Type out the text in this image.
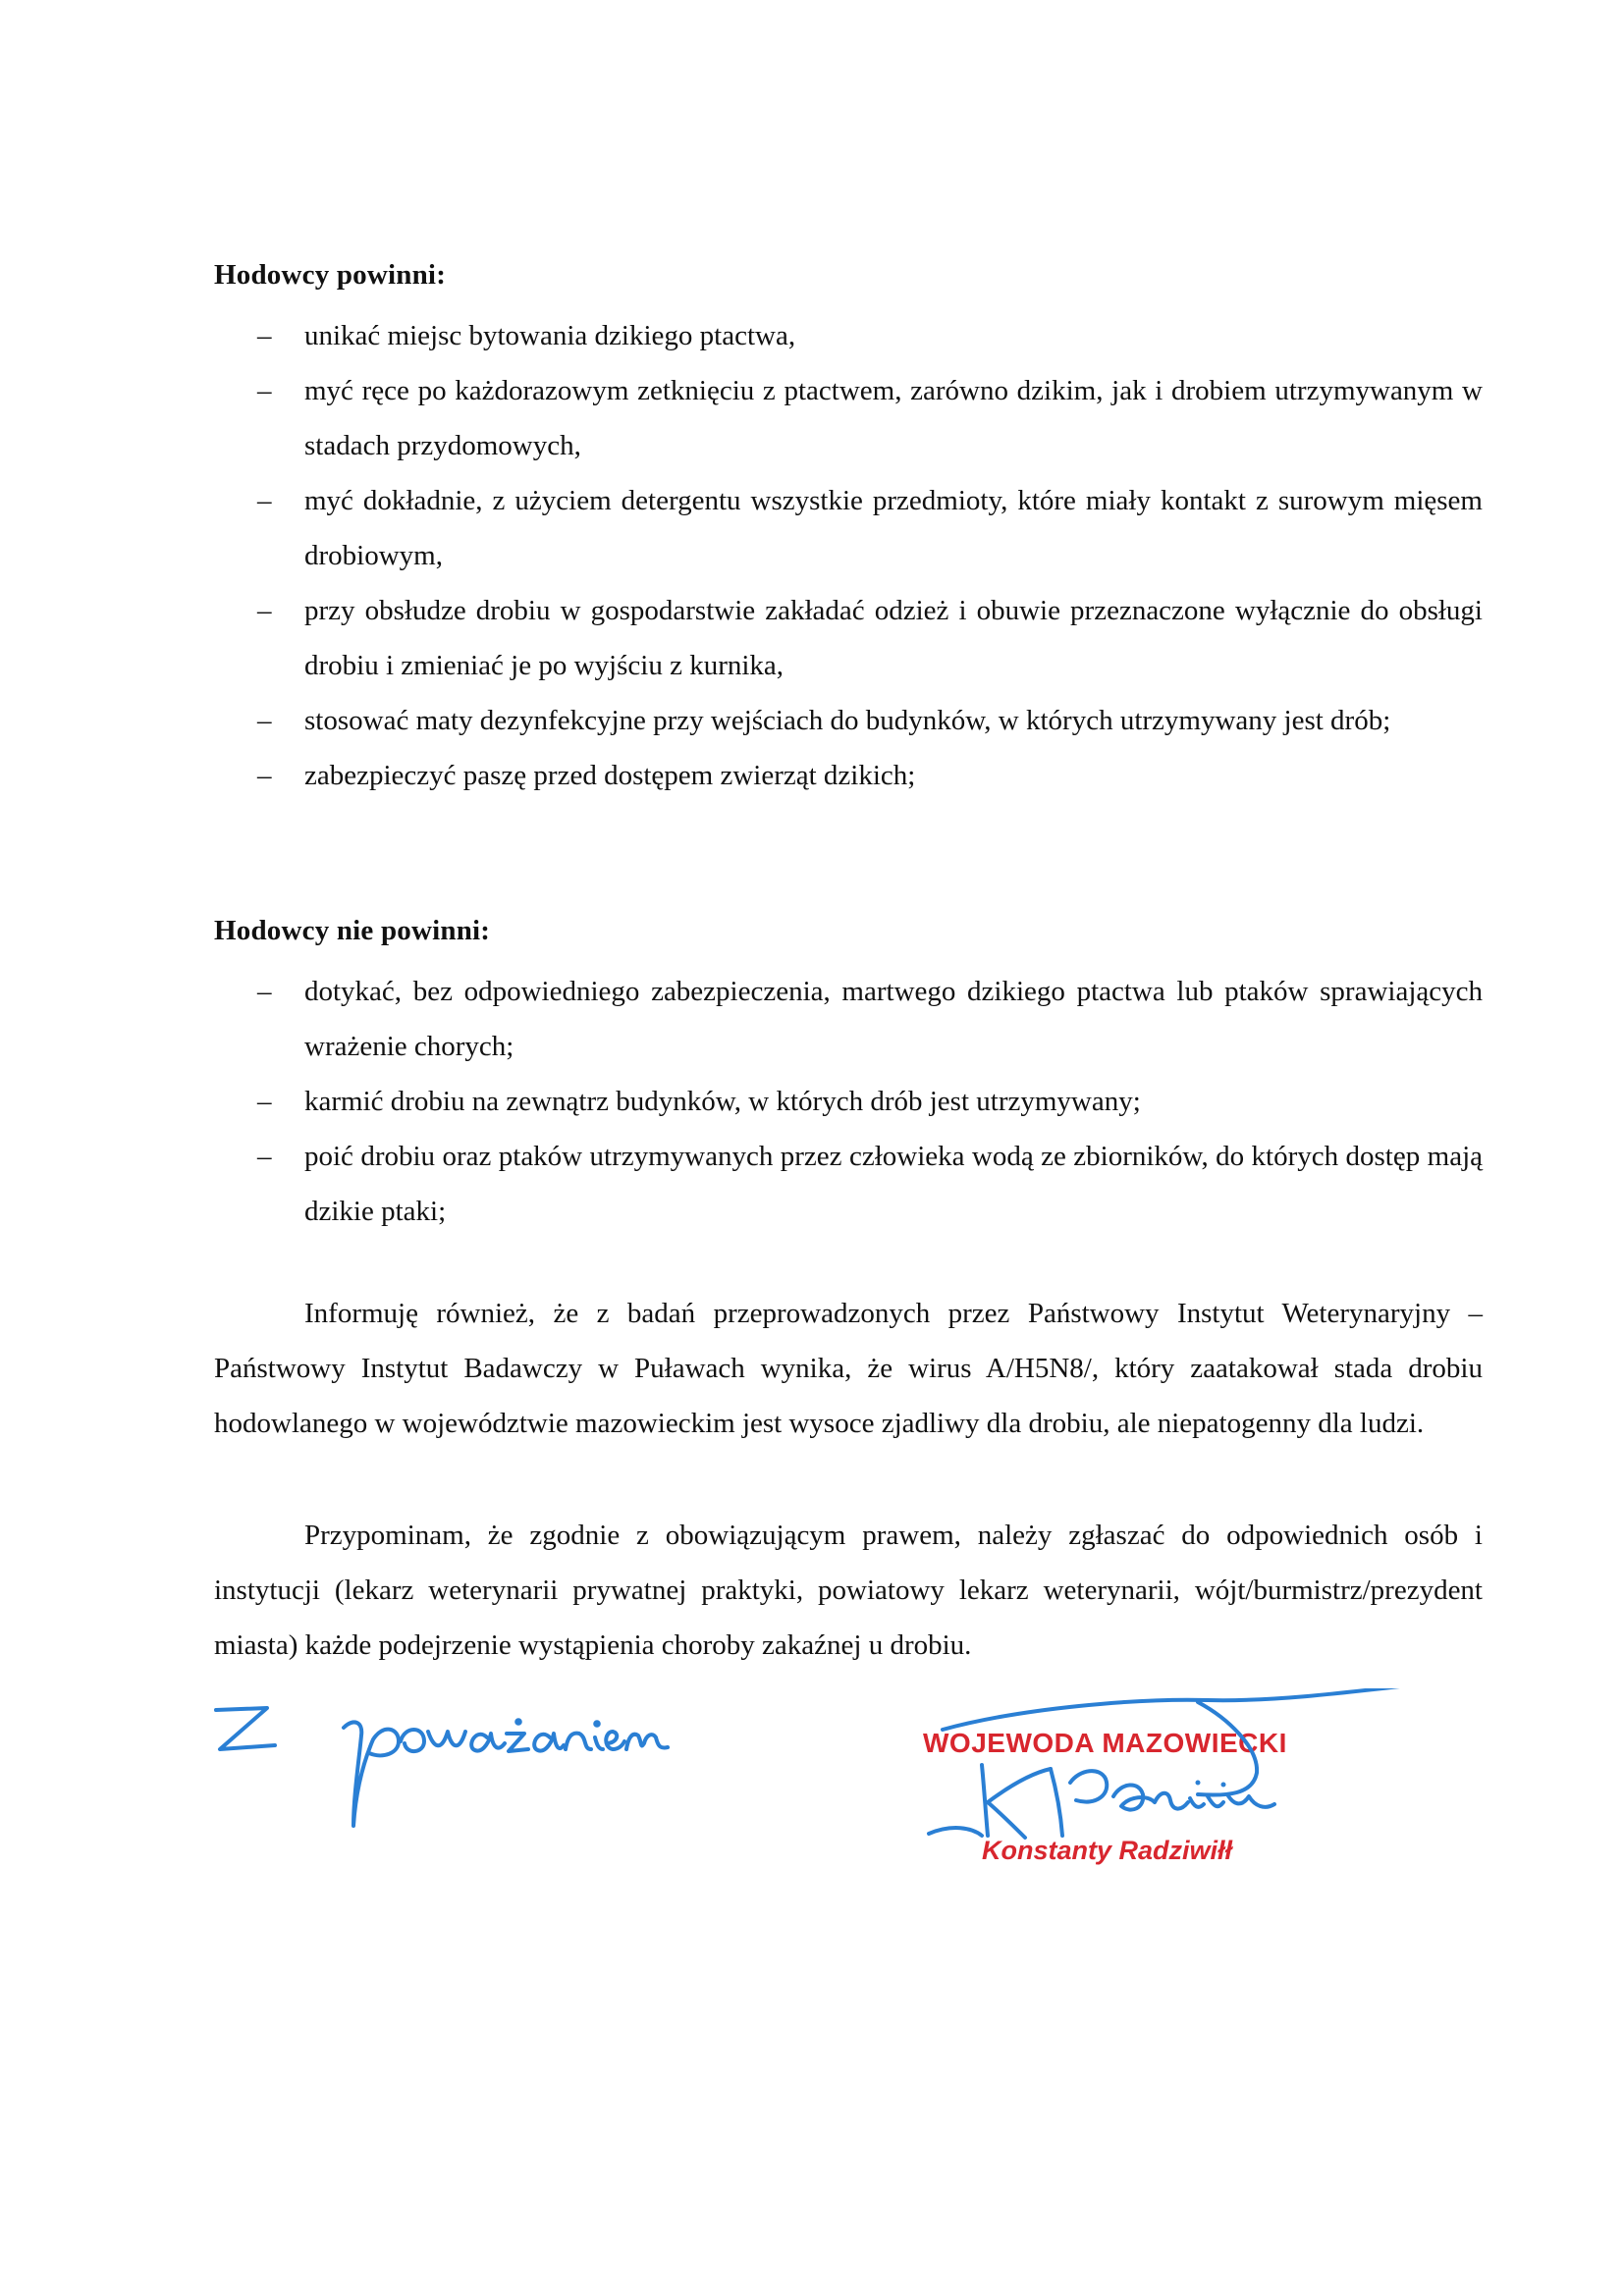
Hodowcy powinni:
– unikać miejsc bytowania dzikiego ptactwa,
– myć ręce po każdorazowym zetknięciu z ptactwem, zarówno dzikim, jak i drobiem utrzymywanym w stadach przydomowych,
– myć dokładnie, z użyciem detergentu wszystkie przedmioty, które miały kontakt z surowym mięsem drobiowym,
– przy obsłudze drobiu w gospodarstwie zakładać odzież i obuwie przeznaczone wyłącznie do obsługi drobiu i zmieniać je po wyjściu z kurnika,
– stosować maty dezynfekcyjne przy wejściach do budynków, w których utrzymywany jest drób;
– zabezpieczyć paszę przed dostępem zwierząt dzikich;
Hodowcy nie powinni:
– dotykać, bez odpowiedniego zabezpieczenia, martwego dzikiego ptactwa lub ptaków sprawiających wrażenie chorych;
– karmić drobiu na zewnątrz budynków, w których drób jest utrzymywany;
– poić drobiu oraz ptaków utrzymywanych przez człowieka wodą ze zbiorników, do których dostęp mają dzikie ptaki;

Informuję również, że z badań przeprowadzonych przez Państwowy Instytut Weterynaryjny – Państwowy Instytut Badawczy w Puławach wynika, że wirus A/H5N8/, który zaatakował stada drobiu hodowlanego w województwie mazowieckim jest wysoce zjadliwy dla drobiu, ale niepatogenny dla ludzi.

Przypominam, że zgodnie z obowiązującym prawem, należy zgłaszać do odpowiednich osób i instytucji (lekarz weterynarii prywatnej praktyki, powiatowy lekarz weterynarii, wójt/burmistrz/prezydent miasta) każde podejrzenie wystąpienia choroby zakaźnej u drobiu.

WOJEWODA MAZOWIECKI
Konstanty Radziwiłł
